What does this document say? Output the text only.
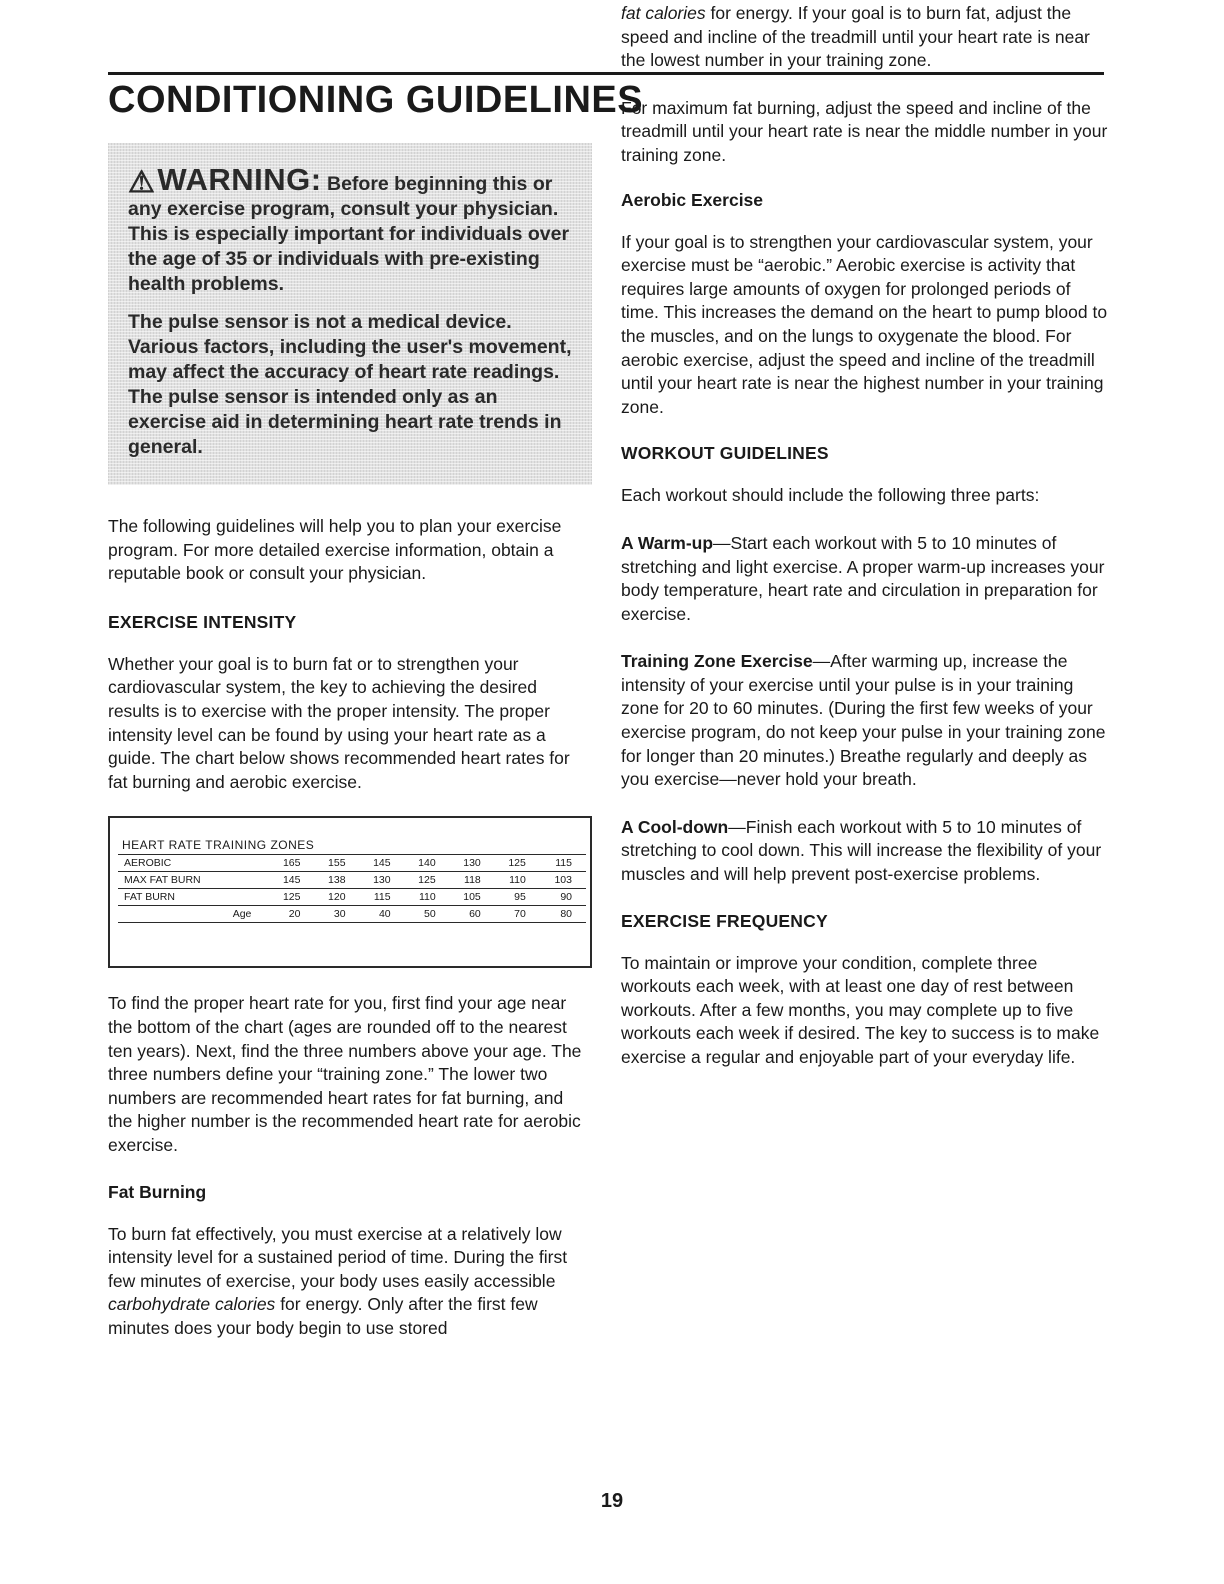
CONDITIONING GUIDELINES

⚠WARNING: Before beginning this or any exercise program, consult your physician. This is especially important for individuals over the age of 35 or individuals with pre-existing health problems.

The pulse sensor is not a medical device. Various factors, including the user's movement, may affect the accuracy of heart rate readings. The pulse sensor is intended only as an exercise aid in determining heart rate trends in general.

The following guidelines will help you to plan your exercise program. For more detailed exercise information, obtain a reputable book or consult your physician.

EXERCISE INTENSITY

Whether your goal is to burn fat or to strengthen your cardiovascular system, the key to achieving the desired results is to exercise with the proper intensity. The proper intensity level can be found by using your heart rate as a guide. The chart below shows recommended heart rates for fat burning and aerobic exercise.

HEART RATE TRAINING ZONES
AEROBIC	165	155	145	140	130	125	115
MAX FAT BURN	145	138	130	125	118	110	103
FAT BURN	125	120	115	110	105	95	90
Age	20	30	40	50	60	70	80

To find the proper heart rate for you, first find your age near the bottom of the chart (ages are rounded off to the nearest ten years). Next, find the three numbers above your age. The three numbers define your “training zone.” The lower two numbers are recommended heart rates for fat burning, and the higher number is the recommended heart rate for aerobic exercise.

Fat Burning

To burn fat effectively, you must exercise at a relatively low intensity level for a sustained period of time. During the first few minutes of exercise, your body uses easily accessible carbohydrate calories for energy. Only after the first few minutes does your body begin to use stored

fat calories for energy. If your goal is to burn fat, adjust the speed and incline of the treadmill until your heart rate is near the lowest number in your training zone.

For maximum fat burning, adjust the speed and incline of the treadmill until your heart rate is near the middle number in your training zone.

Aerobic Exercise

If your goal is to strengthen your cardiovascular system, your exercise must be “aerobic.” Aerobic exercise is activity that requires large amounts of oxygen for prolonged periods of time. This increases the demand on the heart to pump blood to the muscles, and on the lungs to oxygenate the blood. For aerobic exercise, adjust the speed and incline of the treadmill until your heart rate is near the highest number in your training zone.

WORKOUT GUIDELINES

Each workout should include the following three parts:

A Warm-up—Start each workout with 5 to 10 minutes of stretching and light exercise. A proper warm-up increases your body temperature, heart rate and circulation in preparation for exercise.

Training Zone Exercise—After warming up, increase the intensity of your exercise until your pulse is in your training zone for 20 to 60 minutes. (During the first few weeks of your exercise program, do not keep your pulse in your training zone for longer than 20 minutes.) Breathe regularly and deeply as you exercise—never hold your breath.

A Cool-down—Finish each workout with 5 to 10 minutes of stretching to cool down. This will increase the flexibility of your muscles and will help prevent post-exercise problems.

EXERCISE FREQUENCY

To maintain or improve your condition, complete three workouts each week, with at least one day of rest between workouts. After a few months, you may complete up to five workouts each week if desired. The key to success is to make exercise a regular and enjoyable part of your everyday life.

19
